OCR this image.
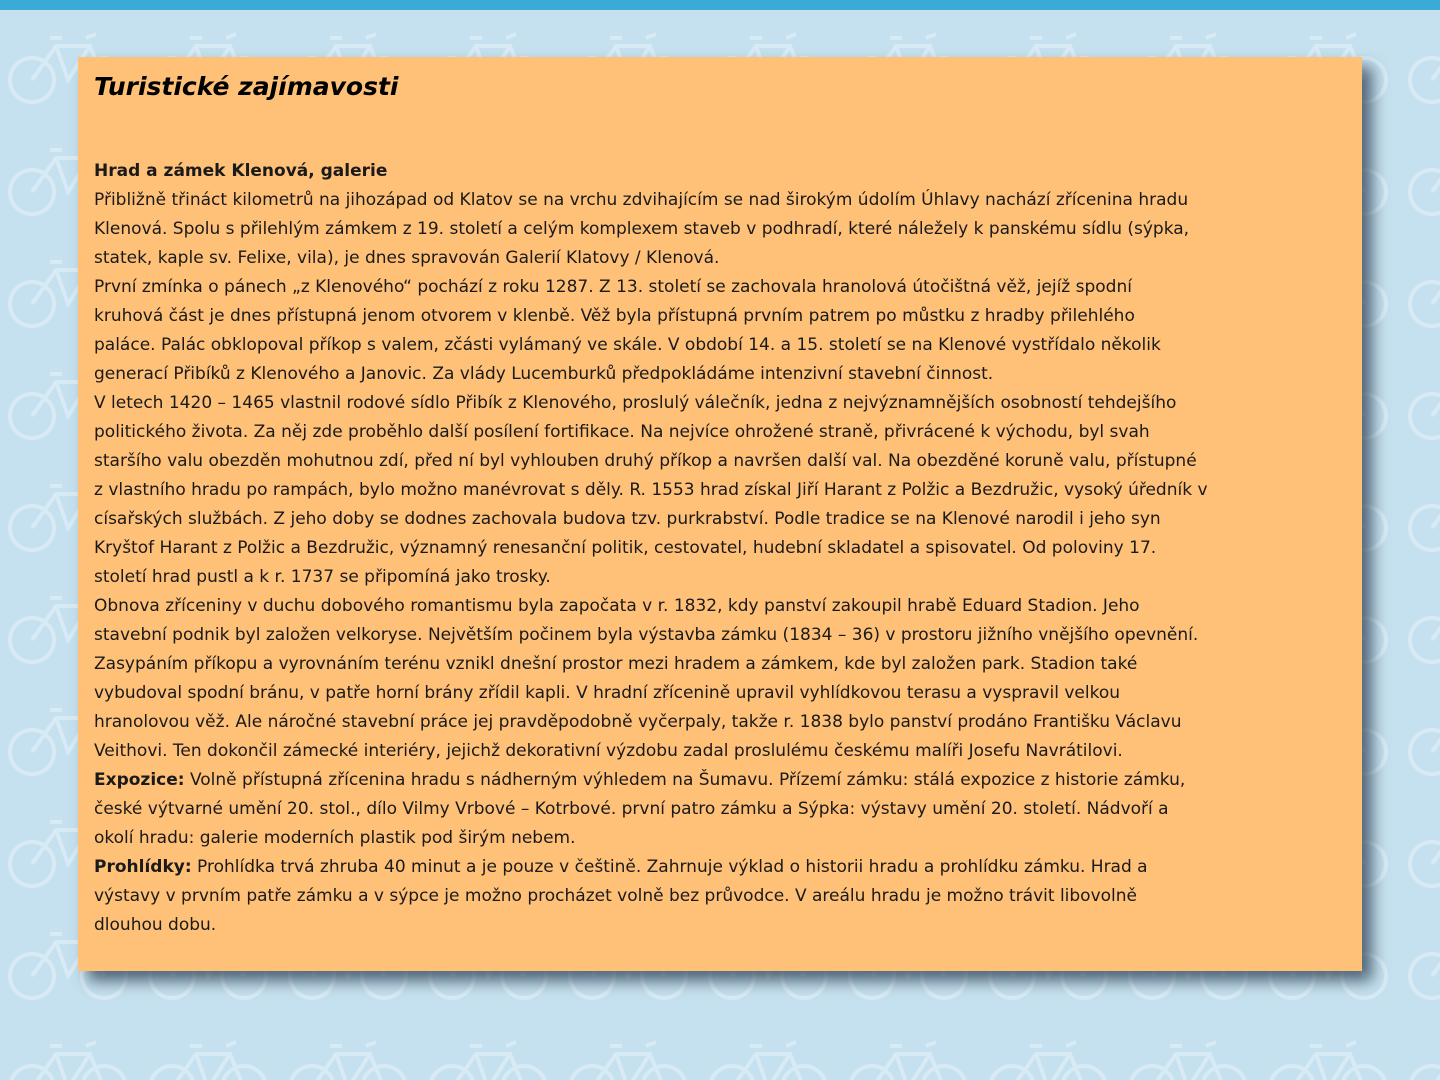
Turistické zajímavosti
Hrad a zámek Klenová, galerie
Přibližně třináct kilometrů na jihozápad od Klatov se na vrchu zdvihajícím se nad širokým údolím Úhlavy nachází zřícenina hradu
Klenová. Spolu s přilehlým zámkem z 19. století a celým komplexem staveb v podhradí, které náležely k panskému sídlu (sýpka,
statek, kaple sv. Felixe, vila), je dnes spravován Galerií Klatovy / Klenová.
První zmínka o pánech „z Klenového“ pochází z roku 1287. Z 13. století se zachovala hranolová útočištná věž, jejíž spodní
kruhová část je dnes přístupná jenom otvorem v klenbě. Věž byla přístupná prvním patrem po můstku z hradby přilehlého
paláce. Palác obklopoval příkop s valem, zčásti vylámaný ve skále. V období 14. a 15. století se na Klenové vystřídalo několik
generací Přibíků z Klenového a Janovic. Za vlády Lucemburků předpokládáme intenzivní stavební činnost.
V letech 1420 – 1465 vlastnil rodové sídlo Přibík z Klenového, proslulý válečník, jedna z nejvýznamnějších osobností tehdejšího
politického života. Za něj zde proběhlo další posílení fortifikace. Na nejvíce ohrožené straně, přivrácené k východu, byl svah
staršího valu obezděn mohutnou zdí, před ní byl vyhlouben druhý příkop a navršen další val. Na obezděné koruně valu, přístupné
z vlastního hradu po rampách, bylo možno manévrovat s děly. R. 1553 hrad získal Jiří Harant z Polžic a Bezdružic, vysoký úředník v
císařských službách. Z jeho doby se dodnes zachovala budova tzv. purkrabství. Podle tradice se na Klenové narodil i jeho syn
Kryštof Harant z Polžic a Bezdružic, významný renesanční politik, cestovatel, hudební skladatel a spisovatel. Od poloviny 17.
století hrad pustl a k r. 1737 se připomíná jako trosky.
Obnova zříceniny v duchu dobového romantismu byla započata v r. 1832, kdy panství zakoupil hrabě Eduard Stadion. Jeho
stavební podnik byl založen velkoryse. Největším počinem byla výstavba zámku (1834 – 36) v prostoru jižního vnějšího opevnění.
Zasypáním příkopu a vyrovnáním terénu vznikl dnešní prostor mezi hradem a zámkem, kde byl založen park. Stadion také
vybudoval spodní bránu, v patře horní brány zřídil kapli. V hradní zřícenině upravil vyhlídkovou terasu a vyspravil velkou
hranolovou věž. Ale náročné stavební práce jej pravděpodobně vyčerpaly, takže r. 1838 bylo panství prodáno Františku Václavu
Veithovi. Ten dokončil zámecké interiéry, jejichž dekorativní výzdobu zadal proslulému českému malíři Josefu Navrátilovi.
Expozice: Volně přístupná zřícenina hradu s nádherným výhledem na Šumavu. Přízemí zámku: stálá expozice z historie zámku,
české výtvarné umění 20. stol., dílo Vilmy Vrbové – Kotrbové. první patro zámku a Sýpka: výstavy umění 20. století. Nádvoří a
okolí hradu: galerie moderních plastik pod širým nebem.
Prohlídky: Prohlídka trvá zhruba 40 minut a je pouze v češtině. Zahrnuje výklad o historii hradu a prohlídku zámku. Hrad a
výstavy v prvním patře zámku a v sýpce je možno procházet volně bez průvodce. V areálu hradu je možno trávit libovolně
dlouhou dobu.
